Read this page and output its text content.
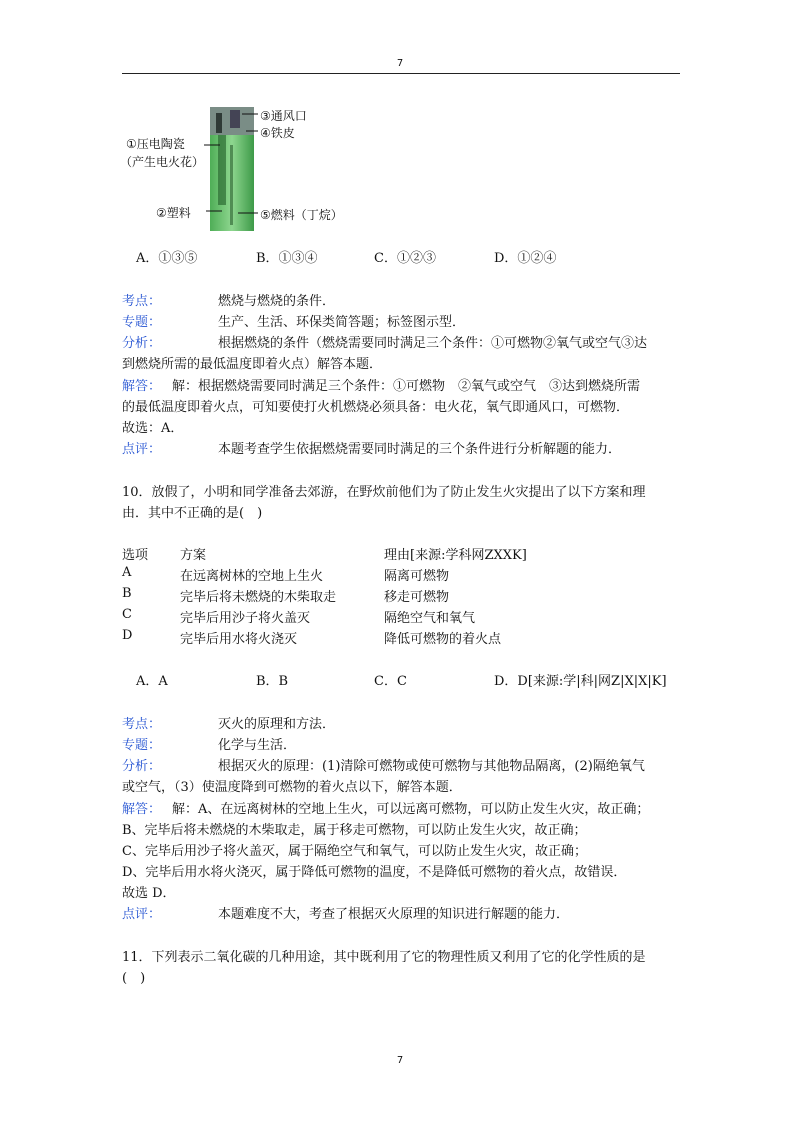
7
③通风口
④铁皮
①压电陶瓷
（产生电火花）
②塑料	⑤燃料（丁烷）
A．①③⑤	B．①③④	C．①②③	D．①②④
考点：	燃烧与燃烧的条件．
专题：	生产、生活、环保类简答题；标签图示型．
分析：	根据燃烧的条件（燃烧需要同时满足三个条件：①可燃物②氧气或空气③达
到燃烧所需的最低温度即着火点）解答本题．
解答： 解：根据燃烧需要同时满足三个条件：①可燃物　②氧气或空气　③达到燃烧所需
的最低温度即着火点，可知要使打火机燃烧必须具备：电火花，氧气即通风口，可燃物．
故选：A．
点评：	本题考查学生依据燃烧需要同时满足的三个条件进行分析解题的能力．
10．放假了，小明和同学准备去郊游，在野炊前他们为了防止发生火灾提出了以下方案和理
由．其中不正确的是(　)
选项 方案	理由[来源:学科网ZXXK]
A	在远离树林的空地上生火	隔离可燃物
B	完毕后将未燃烧的木柴取走	移走可燃物
C	完毕后用沙子将火盖灭	隔绝空气和氧气
D	完毕后用水将火浇灭	降低可燃物的着火点
A．A	B．B	C．C	D．D[来源:学|科|网Z|X|X|K]
考点：	灭火的原理和方法．
专题：	化学与生活．
分析：	根据灭火的原理：(1)清除可燃物或使可燃物与其他物品隔离，(2)隔绝氧气
或空气，（3）使温度降到可燃物的着火点以下，解答本题．
解答： 解：A、在远离树林的空地上生火，可以远离可燃物，可以防止发生火灾，故正确；
B、完毕后将未燃烧的木柴取走，属于移走可燃物，可以防止发生火灾，故正确；
C、完毕后用沙子将火盖灭，属于隔绝空气和氧气，可以防止发生火灾，故正确；
D、完毕后用水将火浇灭，属于降低可燃物的温度，不是降低可燃物的着火点，故错误．
故选 D．
点评：	本题难度不大，考查了根据灭火原理的知识进行解题的能力．
11．下列表示二氧化碳的几种用途，其中既利用了它的物理性质又利用了它的化学性质的是
(　)
7
